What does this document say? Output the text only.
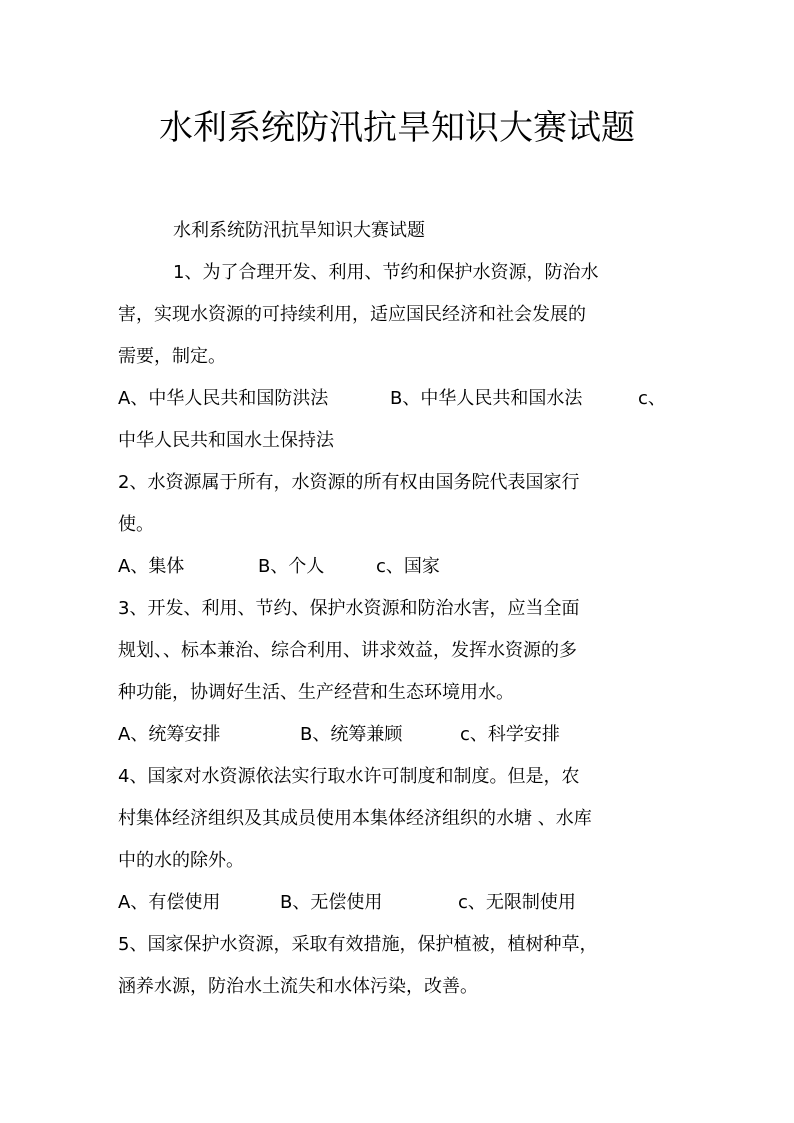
水利系统防汛抗旱知识大赛试题
水利系统防汛抗旱知识大赛试题
1、为了合理开发、利用、节约和保护水资源，防治水
害，实现水资源的可持续利用，适应国民经济和社会发展的
需要，制定。
A、中华人民共和国防洪法	B、中华人民共和国水法	c、
中华人民共和国水土保持法
2、水资源属于所有，水资源的所有权由国务院代表国家行
使。
A、集体	B、个人	c、国家
3、开发、利用、节约、保护水资源和防治水害，应当全面
规划、、标本兼治、综合利用、讲求效益，发挥水资源的多
种功能，协调好生活、生产经营和生态环境用水。
A、统筹安排	B、统筹兼顾	c、科学安排
4、国家对水资源依法实行取水许可制度和制度。但是，农
村集体经济组织及其成员使用本集体经济组织的水塘 、水库
中的水的除外。
A、有偿使用	B、无偿使用	c、无限制使用
5、国家保护水资源，采取有效措施，保护植被，植树种草，
涵养水源，防治水土流失和水体污染，改善。
